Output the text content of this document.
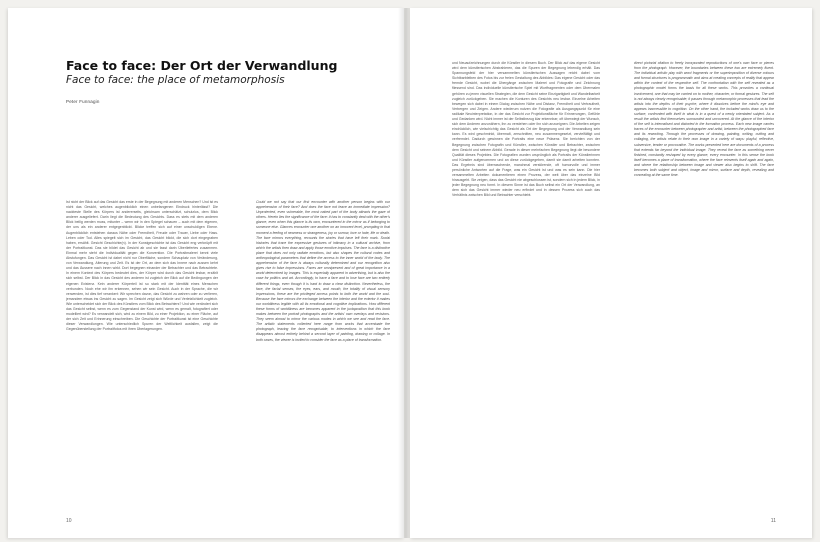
Face to face: Der Ort der Verwandlung
Face to face: the place of metamorphosis
Peter Funnagin

Ist nicht der Blick auf das Gesicht das erste in der Begegnung mit anderen Menschen? Und ist es nicht das Gesicht, welches augenblicklich einen unbefangenen Eindruck hinterlässt? Die nackteste Stelle des Körpers ist andererseits, gleichsam unterschätzt, schutzlos, dem Blick anderer ausgeliefert. Darin liegt die Bedeutung des Gesichts. Dass es stets mit dem anderen Blick beilig werden muss, mitunter – wenn wir in den Spiegel schauen – auch mit dem eigenen, der uns als ein anderer entgegenblickt. Blicke treffen sich auf einer unschuldigen Ebene. Augenblicklich entstehen daraus Nähe oder Fremdheit, Freude oder Trauer, Liebe oder Hass. Leben oder Tod. Alles spiegelt sich im Gesicht, das Gesicht blickt, die sich dort eingegraben haben, ersählt. Gesicht Geschichte(n). In der Kunstgeschichte ist das Gesicht eng verknüpft mit der Portraitkunst. Das sie bildet das Gesicht ab und sie fasst darin Überliefertes zusammen. Einmal mehr steht die Individualität gegen die Konvention. Die Portraitmalerei kennt viele Abstufungen. Das Gesicht ist dabei nicht nur Oberfläche, sondern Schauplatz von Veränderung, von Verwandlung, Alterung und Zeit. Es ist der Ort, an dem sich das Innere nach aussen kehrt und das Äussere nach innen wirkt. Dort begegnen einander der Betrachter und das Betrachtete. In einem Kontext des Körpers bedeutet dies, der Körper wird durch das Gesicht lesbar, erzählt sich selbst. Der Blick in das Gesicht des anderen ist zugleich der Blick auf die Bedingungen der eigenen Existenz. Kein anderer Körperteil ist so stark mit der Identität eines Menschen verbunden. Noch ehe wir ihn erkennen, sehen wir sein Gesicht. Auch in der Sprache, die wir verwenden, ist dies tief verankert: Wir sprechen davon, das Gesicht zu wahren oder zu verlieren, jemandem etwas ins Gesicht zu sagen. Im Gesicht zeigt sich Würde und Verletzlichkeit zugleich. Wie unterscheidet sich der Blick des Künstlers vom Blick des Betrachters? Und wie verändert sich das Gesicht selbst, wenn es zum Gegenstand der Kunst wird, wenn es gemalt, fotografiert oder modelliert wird? Es verwandelt sich, wird zu einem Bild, zu einer Projektion, zu einer Fläche, auf der sich Zeit und Erinnerung einschreiben. Die Geschichte der Portraitkunst ist eine Geschichte dieser Verwandlungen. Wie unterschiedlich Spuren der Weltlichkeit ausfallen, zeigt die Gegenüberstellung der Portraitfotos mit ihren Überlagerungen.

Could we not say that our first encounter with another person begins with our apprehension of their face? And does the face not leave an immediate impression? Unprotected, even vulnerable, the most naked part of the body attracts the gaze of others. Herein lies the significance of the face: it has to constantly deal with the other's glance, even when this glance is its own, encountered in the mirror as if belonging to someone else. Glances encounter one another on an innocent level, prompting in that moment a feeling of nearness or strangeness, joy or sorrow, love or hate, life or death. The face mirrors everything, recounts the stories that have left their mark. Social histories that trace the expressive gestures of intimacy in a cultural archive, from which the artists then draw and apply those emotive impulses. The face is a distinctive place that does not only radiate emotions, but also shapes the cultural codes and anthropological parameters that define the access to the inner world of the body. The apprehension of the face is always culturally determined and our recognition also gives rise to false impressions. Faces are omnipresent and of great importance in a world determined by images. This is especially apparent in advertising, but is also the case for politics and art. Accordingly, to have a face and to lose face are two entirely different things, even though it is hard to draw a clear distinction. Nevertheless, the face, the facial senses, the eyes, ears, and mouth, the totality of visual sensory impressions, these are the privileged access points to both the world and the soul. Because the face mirrors the exchange between the interior and the exterior it makes our worldliness legible with all its emotional and cognitive implications. How different these forms of worldliness are becomes apparent in the juxtaposition that this book makes between the portrait photographs and the artists' own overlays and revisions. They seem almost to mirror the various modes in which we see and read the face. The artistic statements collected here range from works that accentuate the photograph, leaving the face recognisable, to interventions in which the face disappears almost entirely behind a second layer of painting, drawing or collage. In both cases, the viewer is invited to consider the face as a place of transformation.

10

und Neuaufzeichnungen durch die Künstler in diesem Buch. Der Blick auf das eigene Gesicht wird dem künstlerischen Abstrahieren, das die Spuren der Begegnung lebendig erhält. Das Spannungsfeld der hier versammelten künstlerischen Aussagen reicht dabei vom Sichtbarbleiben des Fotos bis zur freien Gestaltung des Abbildes: Das eigene Gesicht oder das fremde Gesicht, wobei die Übergänge zwischen Malerei und Fotografie und Zeichnung fliessend sind. Das individuelle künstlerische Spiel mit Wortfragmenten oder dem Übermalen gehören zu jenen visuellen Strategien, die dem Gesicht seine Einzigartigkeit und Wandelbarkeit zugleich zurückgeben. Sie machen die Konturen des Gesichts neu lesbar. Einzelne Arbeiten bewegen sich dabei in einem Dialog zwischen Nähe und Distanz, Fremdheit und Vertrautheit, Verbergen und Zeigen. Andere wiederum nutzen die Fotografie als Ausgangspunkt für eine radikale Neuinterpretation, in der das Gesicht zur Projektionsfläche für Erinnerungen, Gefühle und Gedanken wird. Nicht immer ist der Selbstbezug klar erkennbar; oft überwiegt der Wunsch, sich dem Anderen anzunähern, ihn zu verstehen oder ihn sich anzueignen. Die Arbeiten zeigen eindrücklich, wie vielschichtig das Gesicht als Ort der Begegnung und der Verwandlung sein kann. Es wird geschminkt, übermalt, zerschnitten, neu zusammengesetzt, vervielfältigt und verfremdet. Dadurch gewinnen die Portraits eine neue Präsenz. Sie berichten von der Begegnung zwischen Fotografin und Künstler, zwischen Künstler und Betrachter, zwischen dem Gesicht und seinem Abbild. Gerade in dieser mehrfachen Begegnung liegt die besondere Qualität dieses Projektes. Die Fotografien wurden ursprünglich als Portraits der Künstlerinnen und Künstler aufgenommen und an diese zurückgegeben, damit sie damit arbeiten konnten. Das Ergebnis sind überraschende, manchmal verstörende, oft humorvolle und immer persönliche Antworten auf die Frage, was ein Gesicht ist und was es sein kann. Die hier versammelten Arbeiten dokumentieren einen Prozess, der weit über das einzelne Bild hinausgeht. Sie zeigen, dass das Gesicht nie abgeschlossen ist, sondern sich in jedem Blick, in jeder Begegnung neu formt. In diesem Sinne ist das Buch selbst ein Ort der Verwandlung, an dem sich das Gesicht immer wieder neu erfindet und in dessen Prozess sich auch das Verhältnis zwischen Bild und Betrachter verschiebt.

direct pictorial citation to freely incorporated reproductions of one's own face or pieces from the photograph. However, the boundaries between these two are extremely fluent. The individual artistic play with word fragments or the superimposition of diverse colours and formal structures is programmatic and aims at creating concepts of reality that appear within the context of the respective self. The confrontation with the self revealed as a photographic model forms the basis for all these works. This provokes a continual involvement, one that may be carried on to mother, character, or formal gestures. The self is not always clearly recognisable; it passes through metamorphic processes that lead the artists into the depths of their psyche, where it dissolves before the mind's eye and appears inaccessible to cognition. On the other hand, the included works draw us to the surface, confronted with itself in what is in a quest of a newly orientated subject. As a result the artists find themselves surrounded and uncovered. At the glance of the interior of the self is internalised and distorted in the formation process. Each new image carries traces of the encounter between photographer and artist, between the photographed face and its reworking. Through the processes of drawing, painting, writing, cutting and collaging, the artists relate to their own image in a variety of ways: playful, reflective, subversive, tender or provocative. The works presented here are documents of a process that extends far beyond the individual image. They reveal the face as something never finished, constantly reshaped by every glance, every encounter. In this sense the book itself becomes a place of transformation, where the face reinvents itself again and again, and where the relationship between image and viewer also begins to shift. The face becomes both subject and object, image and mirror, surface and depth, revealing and concealing at the same time.

11
